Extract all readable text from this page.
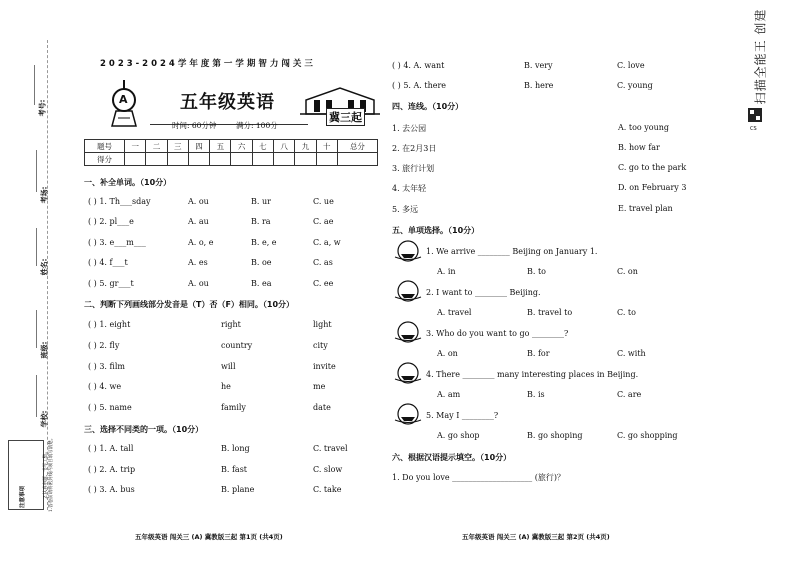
考号:
考场:
姓名:
班级:
学校:
注意事项	1.答卷前请将密封线内项目填写清楚。
2.认真审题，书写工整。
2023-2024学年度第一学期智力闯关三
A	五年级英语
时间: 60分钟	满分: 100分
冀三起
题号	一	二	三	四	五	六	七	八	九	十	总分
得分											
一、补全单词。（10分）
( ) 1. Th___sday	A. ou	B. ur	C. ue
( ) 2. pl___e	A. au	B. ra	C. ae
( ) 3. e___m___	A. o, e	B. e, e	C. a, w
( ) 4. f___t	A. es	B. oe	C. as
( ) 5. gr___t	A. ou	B. ea	C. ee
二、判断下列画线部分发音是（T）否（F）相同。（10分）
( ) 1. eight	right	light
( ) 2. fly	country	city
( ) 3. film	will	invite
( ) 4. we	he	me
( ) 5. name	family	date
三、选择不同类的一项。（10分）
( ) 1. A. tall	B. long	C. travel
( ) 2. A. trip	B. fast	C. slow
( ) 3. A. bus	B. plane	C. take
五年级英语 闯关三 (A) 冀教版三起 第1页 (共4页)
( ) 4. A. want	B. very	C. love
( ) 5. A. there	B. here	C. young
四、连线。（10分）
1. 去公园
2. 在2月3日
3. 旅行计划
4. 太年轻
5. 多远
A. too young
B. how far
C. go to the park
D. on February 3
E. travel plan
五、单项选择。（10分）
1. We arrive ________ Beijing on January 1.
A. in	B. to	C. on
2. I want to ________ Beijing.
A. travel	B. travel to	C. to
3. Who do you want to go ________?
A. on	B. for	C. with
4. There ________ many interesting places in Beijing.
A. am	B. is	C. are
5. May I ________?
A. go shop	B. go shoping	C. go shopping
六、根据汉语提示填空。（10分）
1. Do you love ____________________ (旅行)？
五年级英语 闯关三 (A) 冀教版三起 第2页 (共4页)
CS
扫描全能王 创建
